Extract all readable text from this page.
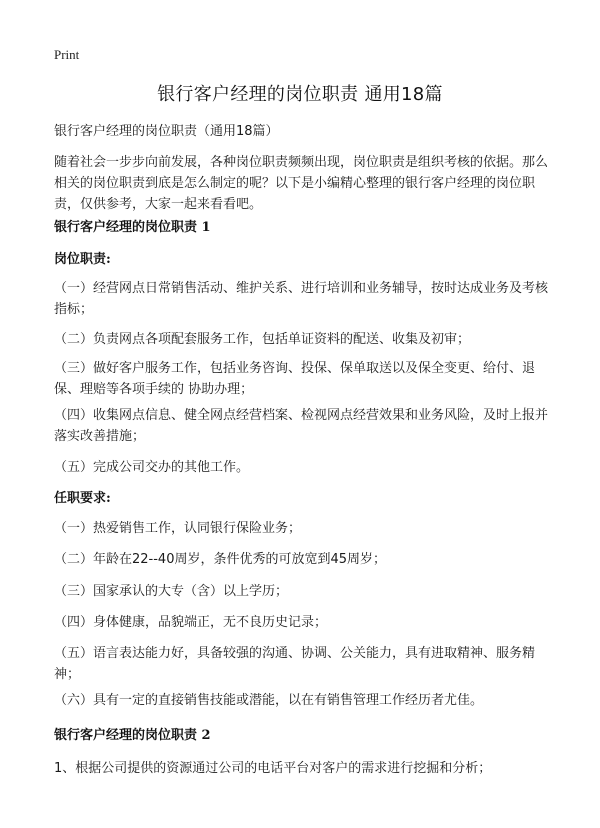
Print
银行客户经理的岗位职责 通用18篇
银行客户经理的岗位职责（通用18篇）
随着社会一步步向前发展，各种岗位职责频频出现，岗位职责是组织考核的依据。那么相关的岗位职责到底是怎么制定的呢？以下是小编精心整理的银行客户经理的岗位职责，仅供参考，大家一起来看看吧。
银行客户经理的岗位职责 1
岗位职责:
（一）经营网点日常销售活动、维护关系、进行培训和业务辅导，按时达成业务及考核指标；
（二）负责网点各项配套服务工作，包括单证资料的配送、收集及初审；
（三）做好客户服务工作，包括业务咨询、投保、保单取送以及保全变更、给付、退保、理赔等各项手续的 协助办理；
（四）收集网点信息、健全网点经营档案、检视网点经营效果和业务风险，及时上报并落实改善措施；
（五）完成公司交办的其他工作。
任职要求:
（一）热爱销售工作，认同银行保险业务；
（二）年龄在22--40周岁，条件优秀的可放宽到45周岁；
（三）国家承认的大专（含）以上学历；
（四）身体健康，品貌端正，无不良历史记录；
（五）语言表达能力好，具备较强的沟通、协调、公关能力，具有进取精神、服务精神；
（六）具有一定的直接销售技能或潜能，以在有销售管理工作经历者尤佳。
银行客户经理的岗位职责 2
1、根据公司提供的资源通过公司的电话平台对客户的需求进行挖掘和分析；
